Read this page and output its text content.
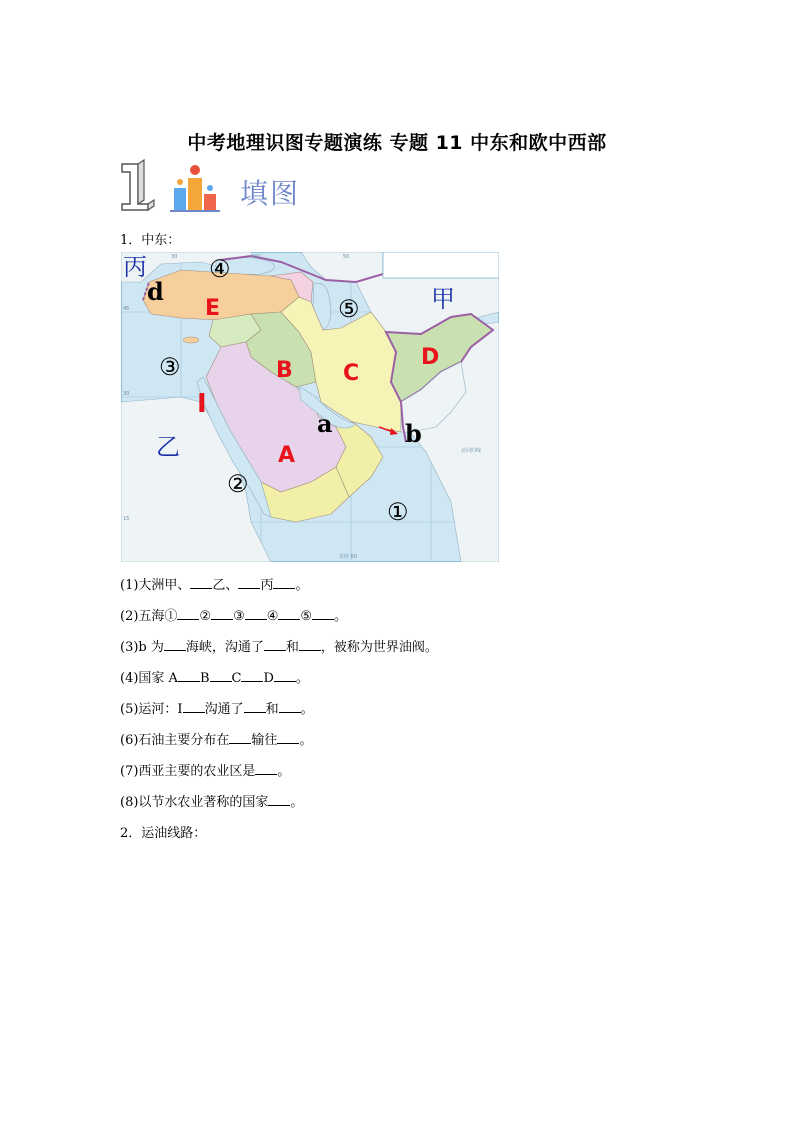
中考地理识图专题演练 专题 11 中东和欧中西部
填图
1．中东：
30	40	50
北回归线
东经 60
45
15
30
丙
乙
甲
④
⑤
③
②
①
E
B C
D
A
d
a	b
I
(1)大洲甲、 乙、 丙 。
(2)五海① ② ③ ④ ⑤ 。
(3)b 为 海峡，沟通了 和 ，被称为世界油阀。
(4)国家 A B C D 。
(5)运河：I 沟通了 和 。
(6)石油主要分布在 输往 。
(7)西亚主要的农业区是 。
(8)以节水农业著称的国家 。
2．运油线路：
